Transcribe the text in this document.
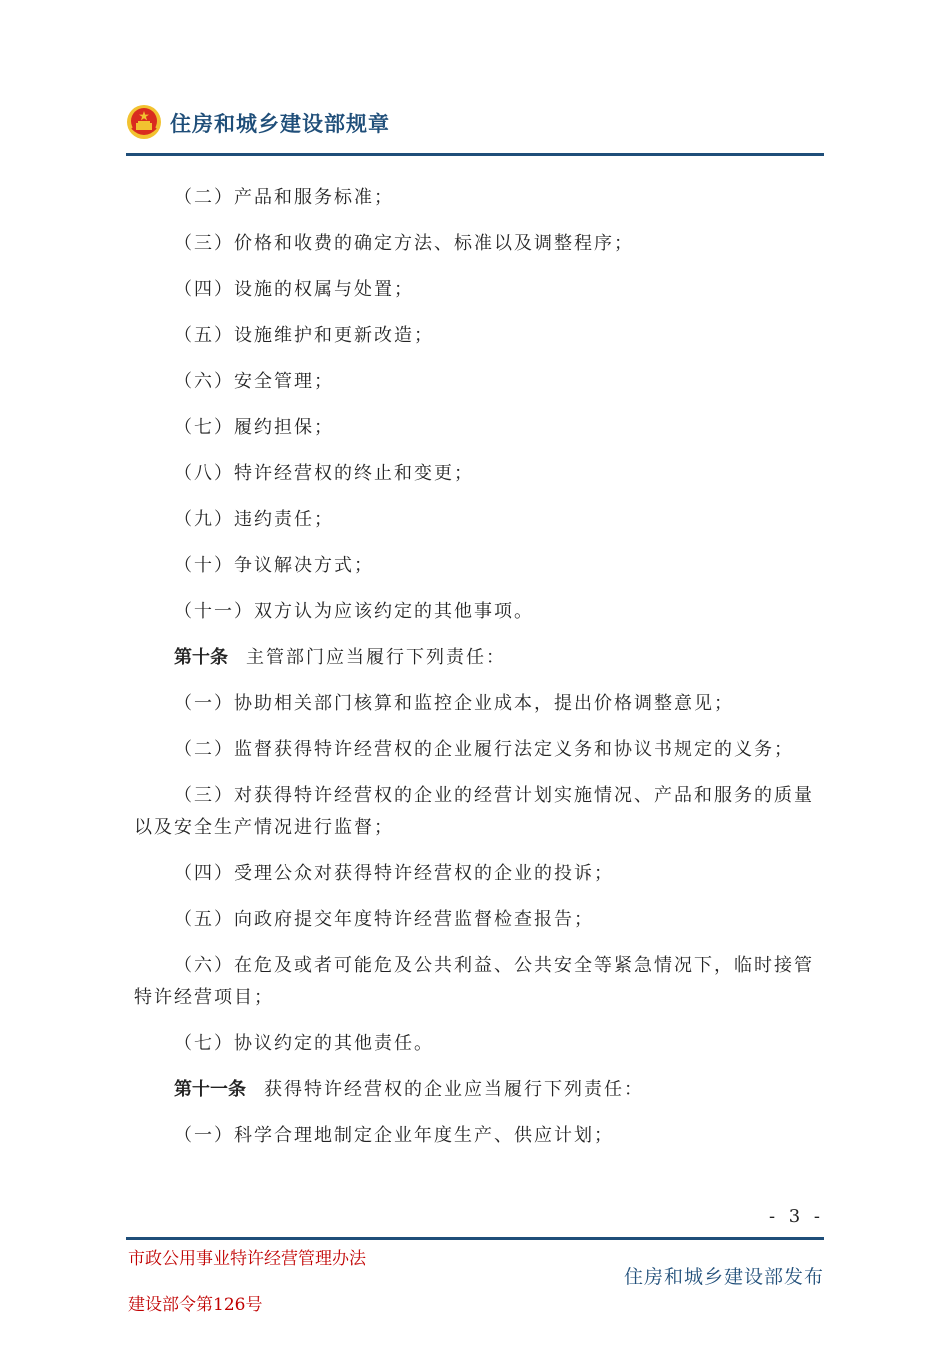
住房和城乡建设部规章

（二）产品和服务标准；

（三）价格和收费的确定方法、标准以及调整程序；

（四）设施的权属与处置；

（五）设施维护和更新改造；

（六）安全管理；

（七）履约担保；

（八）特许经营权的终止和变更；

（九）违约责任；

（十）争议解决方式；

（十一）双方认为应该约定的其他事项。

第十条 主管部门应当履行下列责任：

（一）协助相关部门核算和监控企业成本，提出价格调整意见；

（二）监督获得特许经营权的企业履行法定义务和协议书规定的义务；

（三）对获得特许经营权的企业的经营计划实施情况、产品和服务的质量以及安全生产情况进行监督；

（四）受理公众对获得特许经营权的企业的投诉；

（五）向政府提交年度特许经营监督检查报告；

（六）在危及或者可能危及公共利益、公共安全等紧急情况下，临时接管特许经营项目；

（七）协议约定的其他责任。

第十一条 获得特许经营权的企业应当履行下列责任：

（一）科学合理地制定企业年度生产、供应计划；

- 3 -
市政公用事业特许经营管理办法
建设部令第126号
住房和城乡建设部发布
